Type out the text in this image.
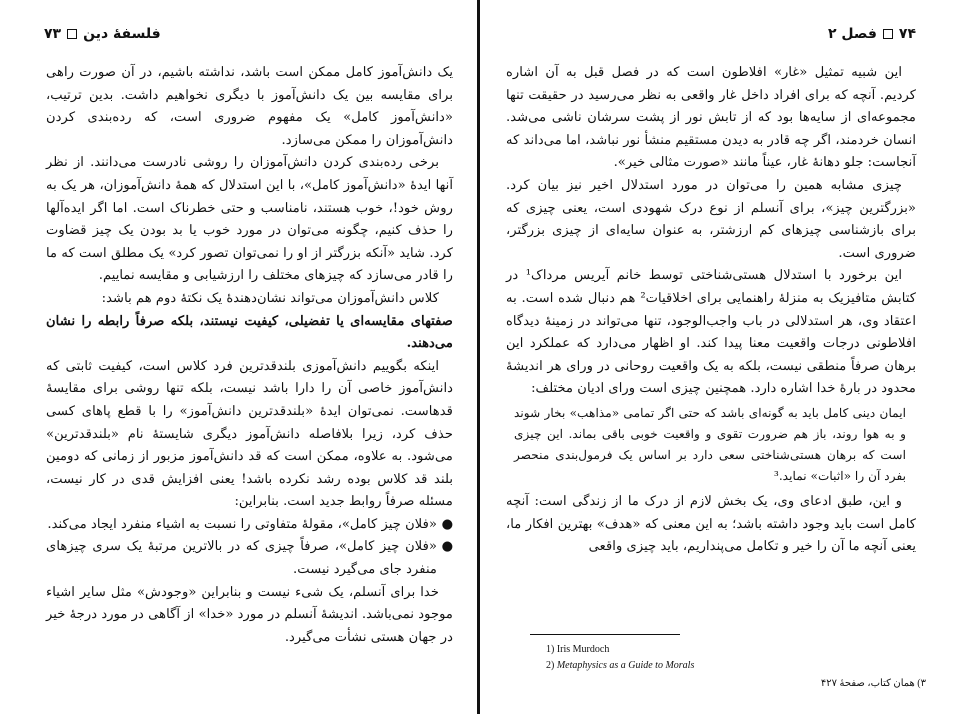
فلسفهٔ دین۷۳

یک دانش‌آموز کامل ممکن است باشد، نداشته باشیم، در آن صورت راهی برای مقایسه بین یک دانش‌آموز با دیگری نخواهیم داشت. بدین ترتیب، «دانش‌آموز کامل» یک مفهوم ضروری است، که رده‌بندی کردن دانش‌آموزان را ممکن می‌سازد.

برخی رده‌بندی کردن دانش‌آموزان را روشی نادرست می‌دانند. از نظر آنها ایدهٔ «دانش‌آموز کامل»، با این استدلال که همهٔ دانش‌آموزان، هر یک به روش خود!، خوب هستند، نامناسب و حتی خطرناک است. اما اگر ایده‌آلها را حذف کنیم، چگونه می‌توان در مورد خوب یا بد بودن یک چیز قضاوت کرد. شاید «آنکه بزرگتر از او را نمی‌توان تصور کرد» یک مطلق است که ما را قادر می‌سازد که چیزهای مختلف را ارزشیابی و مقایسه نماییم.

کلاس دانش‌آموزان می‌تواند نشان‌دهندهٔ یک نکتهٔ دوم هم باشد:

صفتهای مقایسه‌ای یا تفضیلی، کیفیت نیستند، بلکه صرفاً رابطه را نشان می‌دهند.

اینکه بگوییم دانش‌آموزی بلندقدترین فرد کلاس است، کیفیت ثابتی که دانش‌آموز خاصی آن را دارا باشد نیست، بلکه تنها روشی برای مقایسهٔ قدهاست. نمی‌توان ایدهٔ «بلندقدترین دانش‌آموز» را با قطع پاهای کسی حذف کرد، زیرا بلافاصله دانش‌آموز دیگری شایستهٔ نام «بلندقدترین» می‌شود. به علاوه، ممکن است که قد دانش‌آموز مزبور از زمانی که دومین بلند قد کلاس بوده رشد نکرده باشد! یعنی افزایش قدی در کار نیست، مسئله صرفاً روابط جدید است. بنابراین:

●
«فلان چیز کامل»، مقولهٔ متفاوتی را نسبت به اشیاء منفرد ایجاد می‌کند.

●
«فلان چیز کامل»، صرفاً چیزی که در بالاترین مرتبهٔ یک سری چیزهای منفرد جای می‌گیرد نیست.

خدا برای آنسلم، یک شیء نیست و بنابراین «وجودش» مثل سایر اشیاء موجود نمی‌باشد. اندیشهٔ آنسلم در مورد «خدا» از آگاهی در مورد درجهٔ خیر در جهان هستی نشأت می‌گیرد.

۷۴فصل ۲

این شبیه تمثیل «غار» افلاطون است که در فصل قبل به آن اشاره کردیم. آنچه که برای افراد داخل غار واقعی به نظر می‌رسید در حقیقت تنها مجموعه‌ای از سایه‌ها بود که از تابش نور از پشت سرشان ناشی می‌شد. انسان خردمند، اگر چه قادر به دیدن مستقیم منشأ نور نباشد، اما می‌داند که آنجاست: جلو دهانهٔ غار، عیناً مانند «صورت مثالی خیر».

چیزی مشابه همین را می‌توان در مورد استدلال اخیر نیز بیان کرد. «بزرگترین چیز»، برای آنسلم از نوع درک شهودی است، یعنی چیزی که برای بازشناسی چیزهای کم ارزشتر، به عنوان سایه‌ای از چیزی بزرگتر، ضروری است.

این برخورد با استدلال هستی‌شناختی توسط خانم آیریس مرداک¹ در کتابش متافیزیک به منزلهٔ راهنمایی برای اخلاقیات² هم دنبال شده است. به اعتقاد وی، هر استدلالی در باب واجب‌الوجود، تنها می‌تواند در زمینهٔ دیدگاه افلاطونی درجات واقعیت معنا پیدا کند. او اظهار می‌دارد که عملکرد این برهان صرفاً منطقی نیست، بلکه به یک واقعیت روحانی در ورای هر اندیشهٔ محدود در بارهٔ خدا اشاره دارد. همچنین چیزی است ورای ادیان مختلف:

ایمان دینی کامل باید به گونه‌ای باشد که حتی اگر تمامی «مذاهب» بخار شوند و به هوا روند، باز هم ضرورت تقوی و واقعیت خوبی باقی بماند. این چیزی است که برهان هستی‌شناختی سعی دارد بر اساس یک فرمول‌بندی منحصر بفرد آن را «اثبات» نماید.³

و این، طبق ادعای وی، یک بخش لازم از درک ما از زندگی است: آنچه کامل است باید وجود داشته باشد؛ به این معنی که «هدف» بهترین افکار ما، یعنی آنچه ما آن را خیر و تکامل می‌پنداریم، باید چیزی واقعی

1) Iris Murdoch
2) Metaphysics as a Guide to Morals
۳) همان کتاب، صفحهٔ ۴۲۷
